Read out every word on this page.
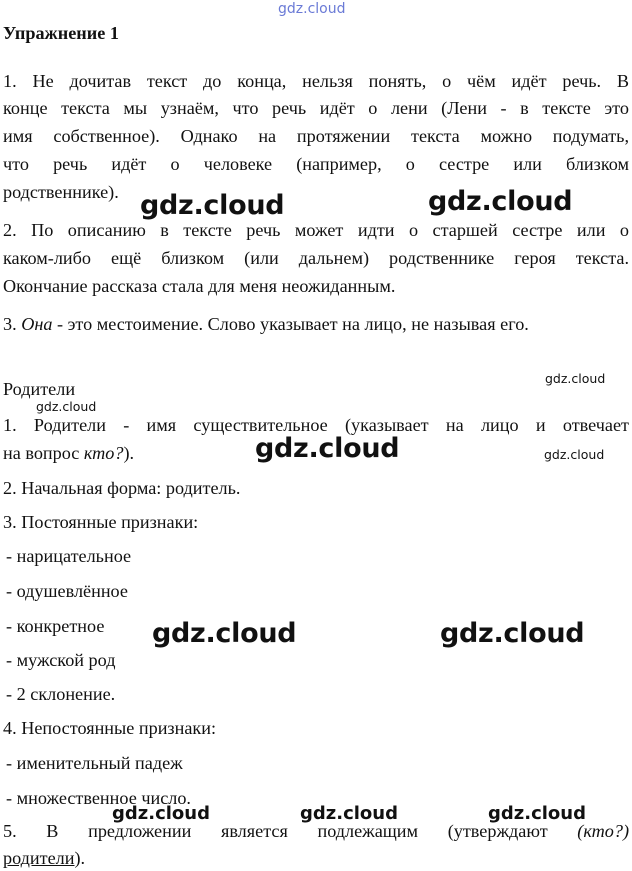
gdz.cloud
Упражнение 1
1. Не дочитав текст до конца, нельзя понять, о чём идёт речь. В
конце текста мы узнаём, что речь идёт о лени (Лени - в тексте это
имя собственное). Однако на протяжении текста можно подумать,
что речь идёт о человеке (например, о сестре или близком
родственнике).
2. По описанию в тексте речь может идти о старшей сестре или о
каком-либо ещё близком (или дальнем) родственнике героя текста.
Окончание рассказа стала для меня неожиданным.
3. Она - это местоимение. Слово указывает на лицо, не называя его.
Родители
1. Родители - имя существительное (указывает на лицо и отвечает
на вопрос кто?).
2. Начальная форма: родитель.
3. Постоянные признаки:
- нарицательное
- одушевлённое
- конкретное
- мужской род
- 2 склонение.
4. Непостоянные признаки:
- именительный падеж
- множественное число.
5. В предложении является подлежащим (утверждают (кто?)
родители).
gdz.cloud	gdz.cloud
gdz.cloud
gdz.cloud
gdz.cloud	gdz.cloud
gdz.cloud	gdz.cloud
gdz.cloud	gdz.cloud	gdz.cloud
